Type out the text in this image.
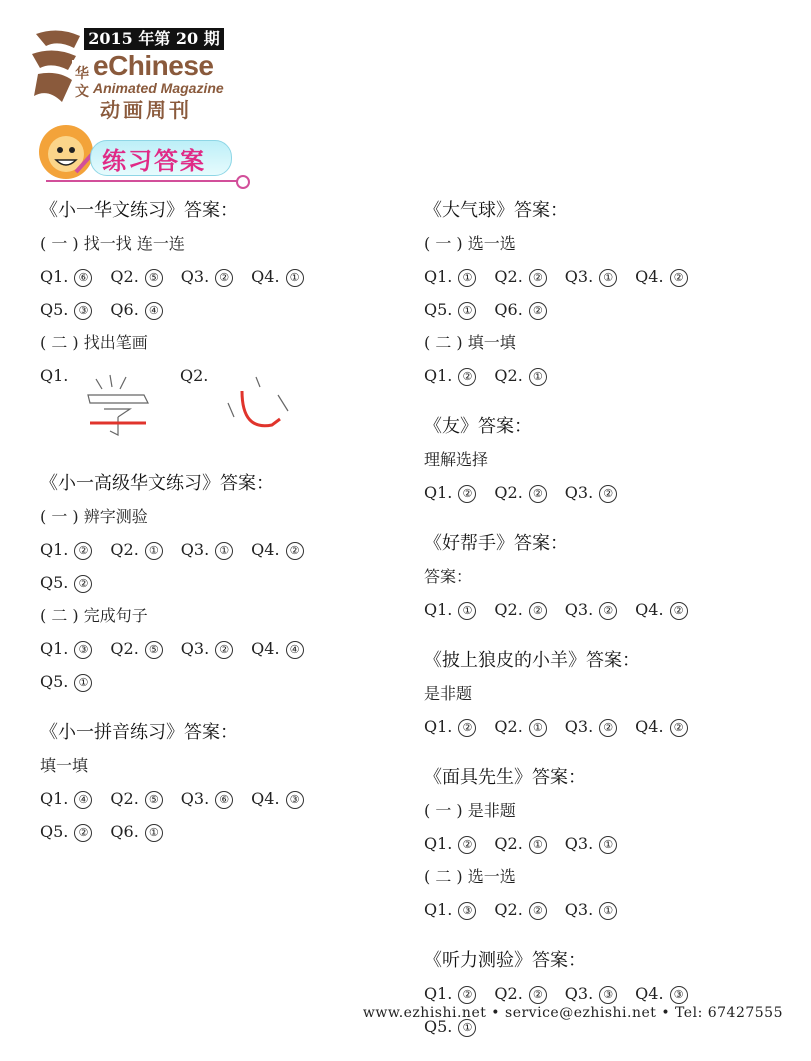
2015 年第 20 期
华
文
eChinese
Animated Magazine
动画周刊
练习答案
《小一华文练习》答案：
( 一 ) 找一找 连一连
Q1. ⑥ Q2. ⑤ Q3. ② Q4. ①
Q5. ③ Q6. ④
( 二 ) 找出笔画
Q1.	Q2.
《小一高级华文练习》答案：
( 一 ) 辨字测验
Q1. ② Q2. ① Q3. ① Q4. ②
Q5. ②
( 二 ) 完成句子
Q1. ③ Q2. ⑤ Q3. ② Q4. ④
Q5. ①
《小一拼音练习》答案：
填一填
Q1. ④ Q2. ⑤ Q3. ⑥ Q4. ③
Q5. ② Q6. ①
《大气球》答案：
( 一 ) 选一选
Q1. ① Q2. ② Q3. ① Q4. ②
Q5. ① Q6. ②
( 二 ) 填一填
Q1. ② Q2. ①
《友》答案：
理解选择
Q1. ② Q2. ② Q3. ②
《好帮手》答案：
答案：
Q1. ① Q2. ② Q3. ② Q4. ②
《披上狼皮的小羊》答案：
是非题
Q1. ② Q2. ① Q3. ② Q4. ②
《面具先生》答案：
( 一 ) 是非题
Q1. ② Q2. ① Q3. ①
( 二 ) 选一选
Q1. ③ Q2. ② Q3. ①
《听力测验》答案：
Q1. ② Q2. ② Q3. ③ Q4. ③
Q5. ①
www.ezhishi.net • service@ezhishi.net • Tel: 67427555
